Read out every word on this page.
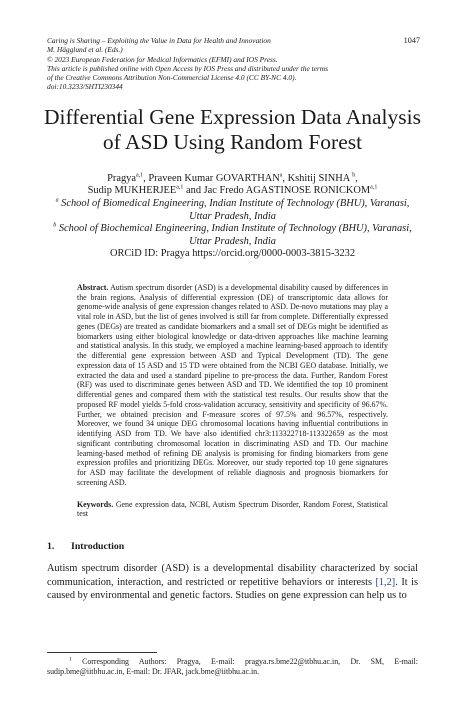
Caring is Sharing – Exploiting the Value in Data for Health and Innovation
M. Hägglund et al. (Eds.)
© 2023 European Federation for Medical Informatics (EFMI) and IOS Press.
This article is published online with Open Access by IOS Press and distributed under the terms
of the Creative Commons Attribution Non-Commercial License 4.0 (CC BY-NC 4.0).
doi:10.3233/SHTI230344
1047
Differential Gene Expression Data Analysis
of ASD Using Random Forest
Pragya$^{a,1}$, Praveen Kumar GOVARTHAN$^a$, Kshitij SINHA $^b$,
Sudip MUKHERJEE$^{a,1}$ and Jac Fredo AGASTINOSE RONICKOM$^{a,1}$
$^a$ School of Biomedical Engineering, Indian Institute of Technology (BHU), Varanasi,
Uttar Pradesh, India
$^b$ School of Biochemical Engineering, Indian Institute of Technology (BHU), Varanasi,
Uttar Pradesh, India
ORCiD ID: Pragya https://orcid.org/0000-0003-3815-3232
Abstract. Autism spectrum disorder (ASD) is a developmental disability caused by differences in the brain regions. Analysis of differential expression (DE) of transcriptomic data allows for genome-wide analysis of gene expression changes related to ASD. De-novo mutations may play a vital role in ASD, but the list of genes involved is still far from complete. Differentially expressed genes (DEGs) are treated as candidate biomarkers and a small set of DEGs might be identified as biomarkers using either biological knowledge or data-driven approaches like machine learning and statistical analysis. In this study, we employed a machine learning-based approach to identify the differential gene expression between ASD and Typical Development (TD). The gene expression data of 15 ASD and 15 TD were obtained from the NCBI GEO database. Initially, we extracted the data and used a standard pipeline to pre-process the data. Further, Random Forest (RF) was used to discriminate genes between ASD and TD. We identified the top 10 prominent differential genes and compared them with the statistical test results. Our results show that the proposed RF model yields 5-fold cross-validation accuracy, sensitivity and specificity of 96.67%. Further, we obtained precision and F-measure scores of 97.5% and 96.57%, respectively. Moreover, we found 34 unique DEG chromosomal locations having influential contributions in identifying ASD from TD. We have also identified chr3:113322718-113322659 as the most significant contributing chromosomal location in discriminating ASD and TD. Our machine learning-based method of refining DE analysis is promising for finding biomarkers from gene expression profiles and prioritizing DEGs. Moreover, our study reported top 10 gene signatures for ASD may facilitate the development of reliable diagnosis and prognosis biomarkers for screening ASD.
Keywords. Gene expression data, NCBI, Autism Spectrum Disorder, Random Forest, Statistical test
1. Introduction
Autism spectrum disorder (ASD) is a developmental disability characterized by social communication, interaction, and restricted or repetitive behaviors or interests [1,2]. It is caused by environmental and genetic factors. Studies on gene expression can help us to
$^1$ Corresponding Authors: Pragya, E-mail: pragya.rs.bme22@itbhu.ac.in, Dr. SM, E-mail: sudip.bme@iitbhu.ac.in, E-mail: Dr. JFAR, jack.bme@iitbhu.ac.in.
